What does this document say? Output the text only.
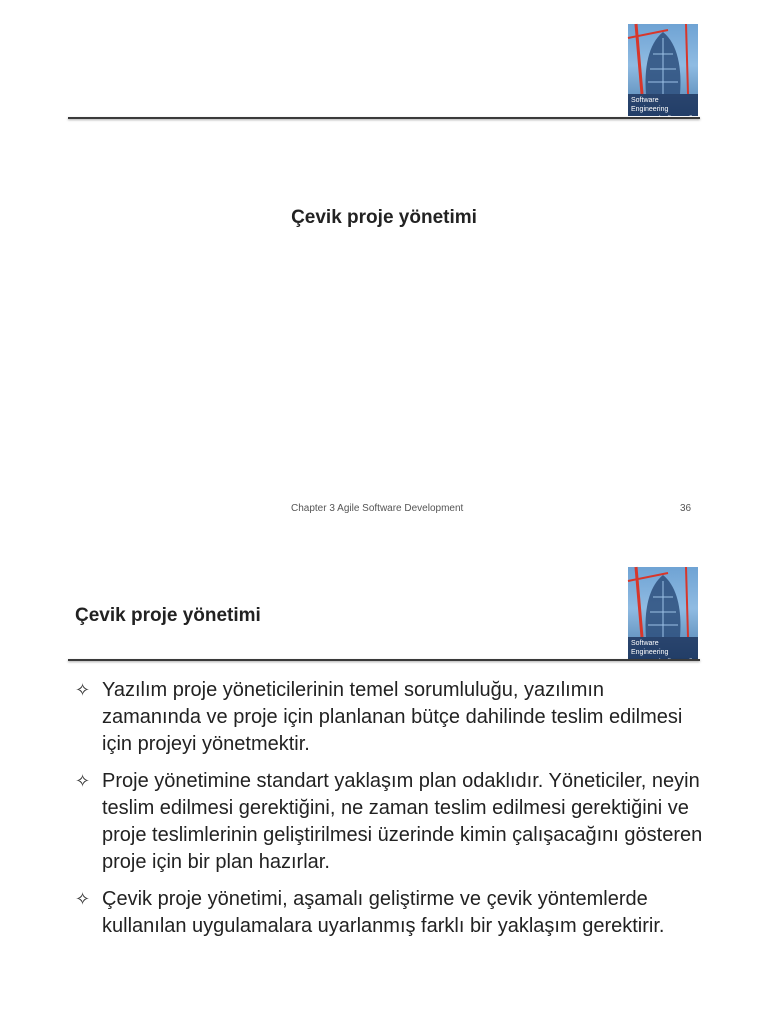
Software Engineering
Ian Sommerville
Çevik proje yönetimi
Chapter 3 Agile Software Development	36
Software Engineering
Ian Sommerville
Çevik proje yönetimi
✧ Yazılım proje yöneticilerinin temel sorumluluğu, yazılımın zamanında ve proje için planlanan bütçe dahilinde teslim edilmesi için projeyi yönetmektir.
✧ Proje yönetimine standart yaklaşım plan odaklıdır. Yöneticiler, neyin teslim edilmesi gerektiğini, ne zaman teslim edilmesi gerektiğini ve proje teslimlerinin geliştirilmesi üzerinde kimin çalışacağını gösteren proje için bir plan hazırlar.
✧ Çevik proje yönetimi, aşamalı geliştirme ve çevik yöntemlerde kullanılan uygulamalara uyarlanmış farklı bir yaklaşım gerektirir.
